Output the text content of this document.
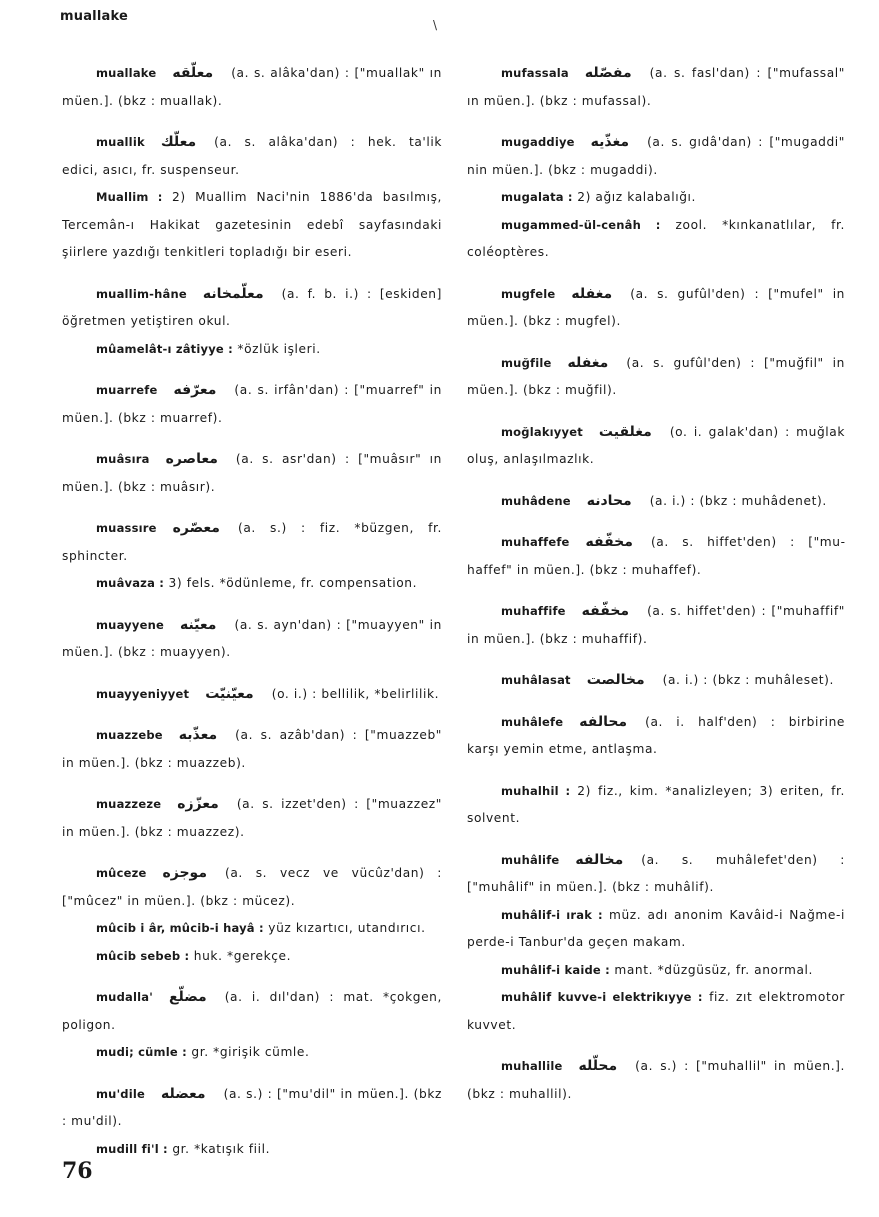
muallake
\

muallake معلّقه (a. s. alâka'dan) : ["muallak" ın müen.]. (bkz : muallak).

muallik معلّك (a. s. alâka'dan) : hek. ta'lik edici, asıcı, fr. suspenseur.

Muallim : 2) Muallim Naci'nin 1886'da basılmış, Tercemân-ı Hakikat gazetesinin edebî sayfasındaki şiirlere yazdığı tenkitleri topladığı bir eseri.

muallim-hâne معلّمخانه (a. f. b. i.) : [eskiden] öğretmen yetiştiren okul.

mûamelât-ı zâtiyye : *özlük işleri.

muarrefe معرّفه (a. s. irfân'dan) : ["muarref" in müen.]. (bkz : muarref).

muâsıra معاصره (a. s. asr'dan) : ["muâsır" ın müen.]. (bkz : muâsır).

muassıre معصّره (a. s.) : fiz. *büzgen, fr. sphincter.

muâvaza : 3) fels. *ödünleme, fr. compensation.

muayyene معيّنه (a. s. ayn'dan) : ["muayyen" in müen.]. (bkz : muayyen).

muayyeniyyet معيّنيّت (o. i.) : bellilik, *belirlilik.

muazzebe معذّبه (a. s. azâb'dan) : ["muazzeb" in müen.]. (bkz : muazzeb).

muazzeze معزّزه (a. s. izzet'den) : ["muazzez" in müen.]. (bkz : muazzez).

mûceze موجزه (a. s. vecz ve vücûz'dan) : ["mûcez" in müen.]. (bkz : mücez).

mûcib i âr, mûcib-i hayâ : yüz kızartıcı, utandırıcı.

mûcib sebeb : huk. *gerekçe.

mudalla' مضلّع (a. i. dıl'dan) : mat. *çokgen, poligon.

mudi; cümle : gr. *girişik cümle.

mu'dile معضله (a. s.) : ["mu'dil" in müen.]. (bkz : mu'dil).

mudill fi'l : gr. *katışık fiil.

mufassala مفصّله (a. s. fasl'dan) : ["mufassal" ın müen.]. (bkz : mufassal).

mugaddiye مغذّيه (a. s. gıdâ'dan) : ["mugaddi" nin müen.]. (bkz : mugaddi).

mugalata : 2) ağız kalabalığı.

mugammed-ül-cenâh : zool. *kınkanatlılar, fr. coléoptères.

mugfele مغفله (a. s. gufûl'den) : ["mufel" in müen.]. (bkz : mugfel).

muğfile مغفله (a. s. gufûl'den) : ["muğfil" in müen.]. (bkz : muğfil).

moğlakıyyet مغلقيت (o. i. galak'dan) : muğlak oluş, anlaşılmazlık.

muhâdene محادنه (a. i.) : (bkz : muhâdenet).

muhaffefe مخفّفه (a. s. hiffet'den) : ["muhaffef" in müen.]. (bkz : muhaffef).

muhaffife مخفّفه (a. s. hiffet'den) : ["muhaffif" in müen.]. (bkz : muhaffif).

muhâlasat مخالصت (a. i.) : (bkz : muhâleset).

muhâlefe محالفه (a. i. half'den) : birbirine karşı yemin etme, antlaşma.

muhalhil : 2) fiz., kim. *analizleyen; 3) eriten, fr. solvent.

muhâlife مخالفه (a. s. muhâlefet'den) : ["muhâlif" in müen.]. (bkz : muhâlif).

muhâlif-i ırak : müz. adı anonim Kavâid-i Nağme-i perde-i Tanbur'da geçen makam.

muhâlif-i kaide : mant. *düzgüsüz, fr. anormal.

muhâlif kuvve-i elektrikıyye : fiz. zıt elektromotor kuvvet.

muhallile محلّله (a. s.) : ["muhallil" in müen.]. (bkz : muhallil).

76
